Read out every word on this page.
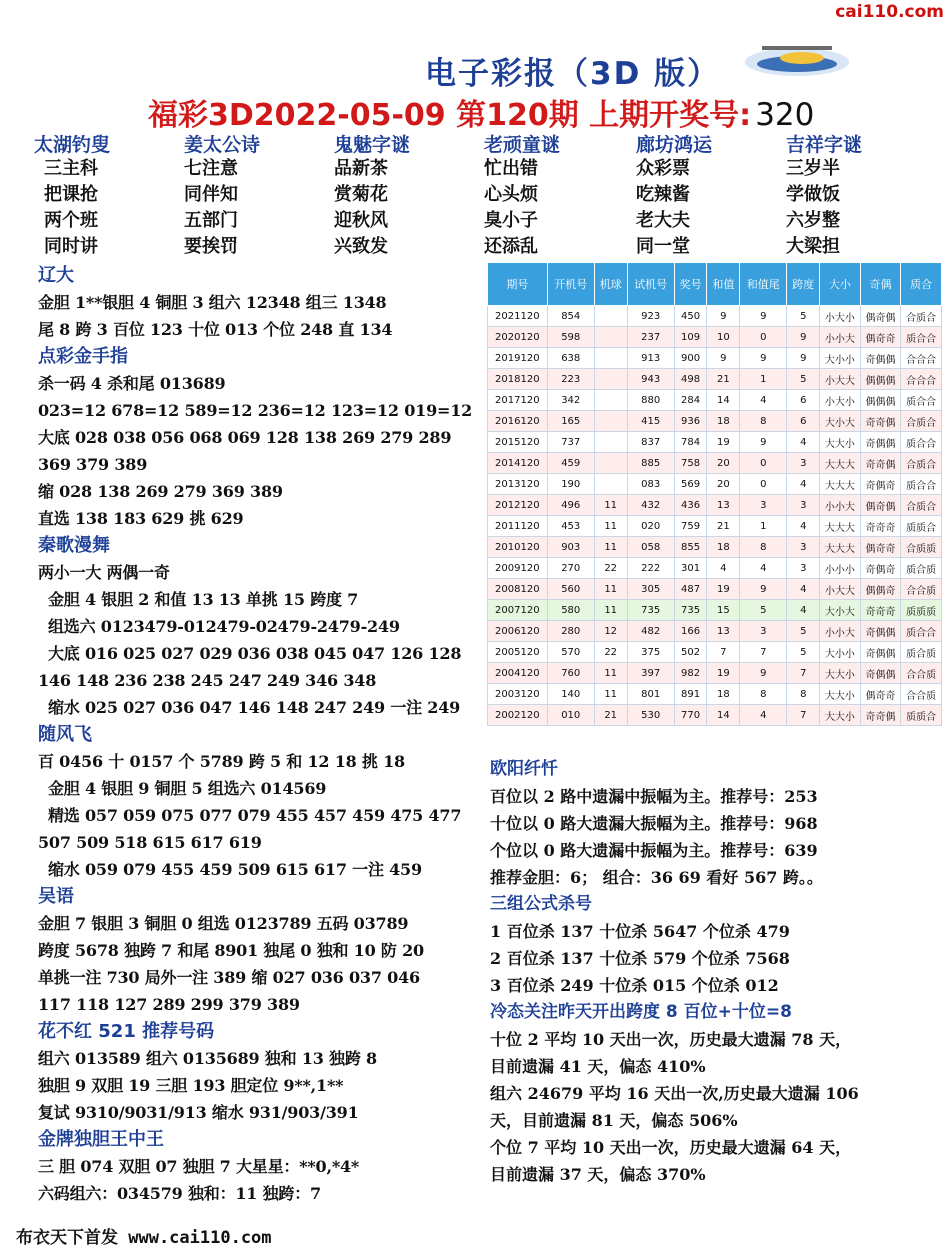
cai110.com
电子彩报（3D 版）
福彩3D2022-05-09 第120期 上期开奖号: 320
太湖钓叟
三主科
把课抢
两个班
同时讲
姜太公诗
七注意
同伴知
五部门
要挨罚
鬼魅字谜
品新茶
赏菊花
迎秋风
兴致发
老顽童谜
忙出错
心头烦
臭小子
还添乱
廊坊鸿运
众彩票
吃辣酱
老大夫
同一堂
吉祥字谜
三岁半
学做饭
六岁整
大梁担
辽大
金胆 1**银胆 4 铜胆 3 组六 12348 组三 1348
尾 8 跨 3 百位 123 十位 013 个位 248 直 134
点彩金手指
杀一码 4 杀和尾 013689
023=12 678=12 589=12 236=12 123=12 019=12
大底 028 038 056 068 069 128 138 269 279 289
369 379 389
缩 028 138 269 279 369 389
直选 138 183 629 挑 629
秦歌漫舞
两小一大 两偶一奇
金胆 4 银胆 2 和值 13 13 单挑 15 跨度 7
组选六 0123479-012479-02479-2479-249
大底 016 025 027 029 036 038 045 047 126 128
146 148 236 238 245 247 249 346 348
缩水 025 027 036 047 146 148 247 249 一注 249
随风飞
百 0456 十 0157 个 5789 跨 5 和 12 18 挑 18
金胆 4 银胆 9 铜胆 5 组选六 014569
精选 057 059 075 077 079 455 457 459 475 477
507 509 518 615 617 619
缩水 059 079 455 459 509 615 617 一注 459
吴语
金胆 7 银胆 3 铜胆 0 组选 0123789 五码 03789
跨度 5678 独跨 7 和尾 8901 独尾 0 独和 10 防 20
单挑一注 730 局外一注 389 缩 027 036 037 046
117 118 127 289 299 379 389
花不红 521 推荐号码
组六 013589 组六 0135689 独和 13 独跨 8
独胆 9 双胆 19 三胆 193 胆定位 9**,1**
复试 9310/9031/913 缩水 931/903/391
金牌独胆王中王
三 胆 074 双胆 07 独胆 7 大星星：**0,*4*
六码组六：034579 独和：11 独跨：7
期号	开机号	机球	试机号	奖号	和值	和值尾	跨度	大小	奇偶	质合
2021120	854		923	450	9	9	5	小大小	偶奇偶	合质合
2020120	598		237	109	10	0	9	小小大	偶奇奇	质合合
2019120	638		913	900	9	9	9	大小小	奇偶偶	合合合
2018120	223		943	498	21	1	5	小大大	偶偶偶	合合合
2017120	342		880	284	14	4	6	小大小	偶偶偶	质合合
2016120	165		415	936	18	8	6	大小大	奇奇偶	合质合
2015120	737		837	784	19	9	4	大大小	奇偶偶	质合合
2014120	459		885	758	20	0	3	大大大	奇奇偶	合质合
2013120	190		083	569	20	0	4	大大大	奇偶奇	质合合
2012120	496	11	432	436	13	3	3	小小大	偶奇偶	合质合
2011120	453	11	020	759	21	1	4	大大大	奇奇奇	质质合
2010120	903	11	058	855	18	8	3	大大大	偶奇奇	合质质
2009120	270	22	222	301	4	4	3	小小小	奇偶奇	质合质
2008120	560	11	305	487	19	9	4	小大大	偶偶奇	合合质
2007120	580	11	735	735	15	5	4	大小大	奇奇奇	质质质
2006120	280	12	482	166	13	3	5	小小大	奇偶偶	质合合
2005120	570	22	375	502	7	7	5	大小小	奇偶偶	质合质
2004120	760	11	397	982	19	9	7	大大小	奇偶偶	合合质
2003120	140	11	801	891	18	8	8	大大小	偶奇奇	合合质
2002120	010	21	530	770	14	4	7	大大小	奇奇偶	质质合
欧阳纤忏
百位以 2 路中遗漏中振幅为主。推荐号：253
十位以 0 路大遗漏大振幅为主。推荐号：968
个位以 0 路大遗漏中振幅为主。推荐号：639
推荐金胆：6； 组合：36 69 看好 567 跨。。
三组公式杀号
1 百位杀 137 十位杀 5647 个位杀 479
2 百位杀 137 十位杀 579 个位杀 7568
3 百位杀 249 十位杀 015 个位杀 012
冷态关注昨天开出跨度 8 百位+十位=8
十位 2 平均 10 天出一次，历史最大遗漏 78 天，
目前遗漏 41 天，偏态 410%
组六 24679 平均 16 天出一次,历史最大遗漏 106
天，目前遗漏 81 天，偏态 506%
个位 7 平均 10 天出一次，历史最大遗漏 64 天，
目前遗漏 37 天，偏态 370%
布衣天下首发 www.cai110.com
